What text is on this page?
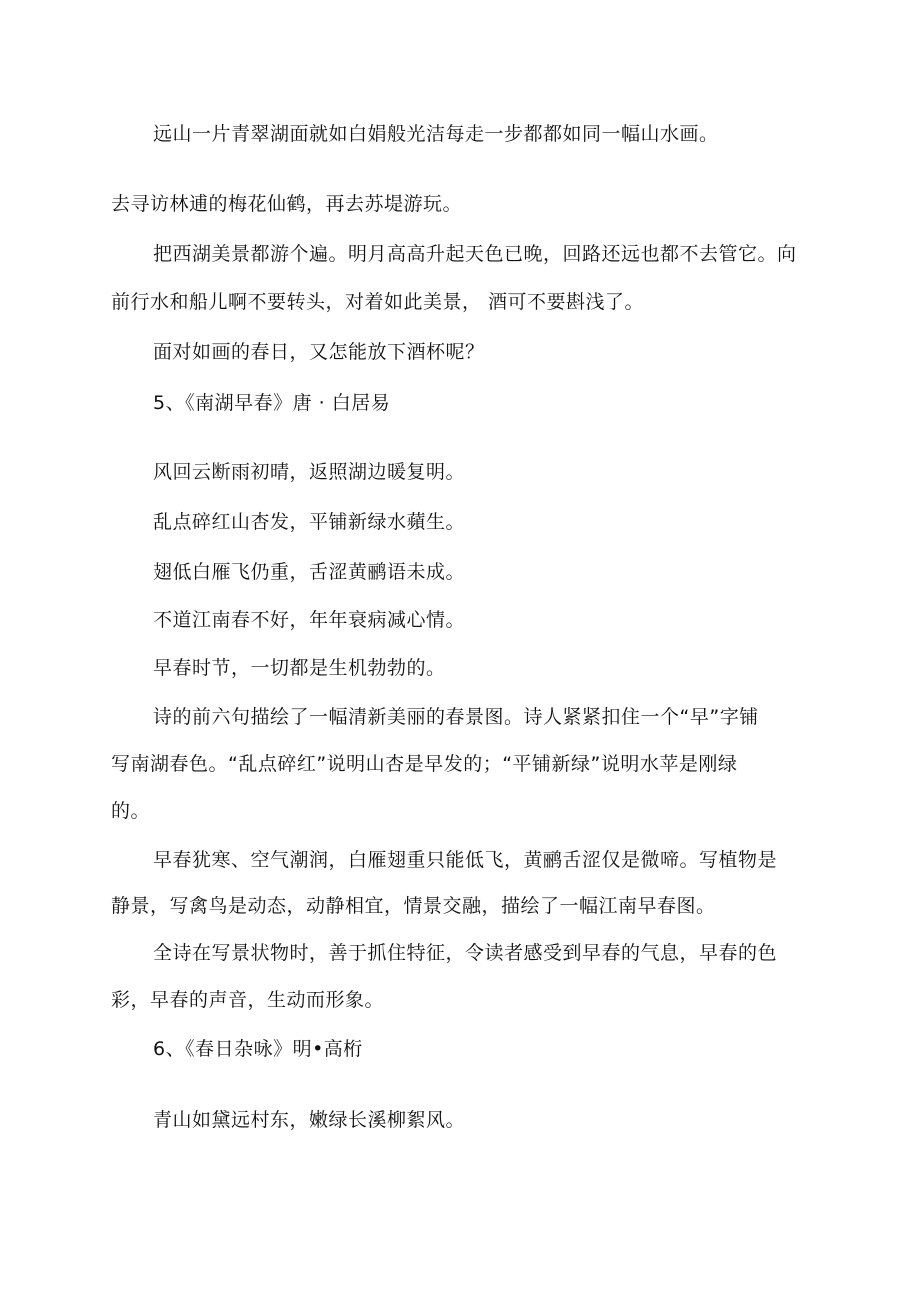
远山一片青翠湖面就如白娟般光洁每走一步都都如同一幅山水画。
去寻访林逋的梅花仙鹤，再去苏堤游玩。
把西湖美景都游个遍。明月高高升起天色已晚，回路还远也都不去管它。向
前行水和船儿啊不要转头，对着如此美景， 酒可不要斟浅了。
面对如画的春日，又怎能放下酒杯呢？
5、《南湖早春》唐 · 白居易
风回云断雨初晴，返照湖边暖复明。
乱点碎红山杏发，平铺新绿水蘋生。
翅低白雁飞仍重，舌涩黄鹂语未成。
不道江南春不好，年年衰病减心情。
早春时节，一切都是生机勃勃的。
诗的前六句描绘了一幅清新美丽的春景图。诗人紧紧扣住一个“早”字铺
写南湖春色。“乱点碎红”说明山杏是早发的；“平铺新绿”说明水苹是刚绿
的。
早春犹寒、空气潮润，白雁翅重只能低飞，黄鹂舌涩仅是微啼。写植物是
静景，写禽鸟是动态，动静相宜，情景交融，描绘了一幅江南早春图。
全诗在写景状物时，善于抓住特征，令读者感受到早春的气息，早春的色
彩，早春的声音，生动而形象。
6、《春日杂咏》明•高桁
青山如黛远村东，嫩绿长溪柳絮风。
